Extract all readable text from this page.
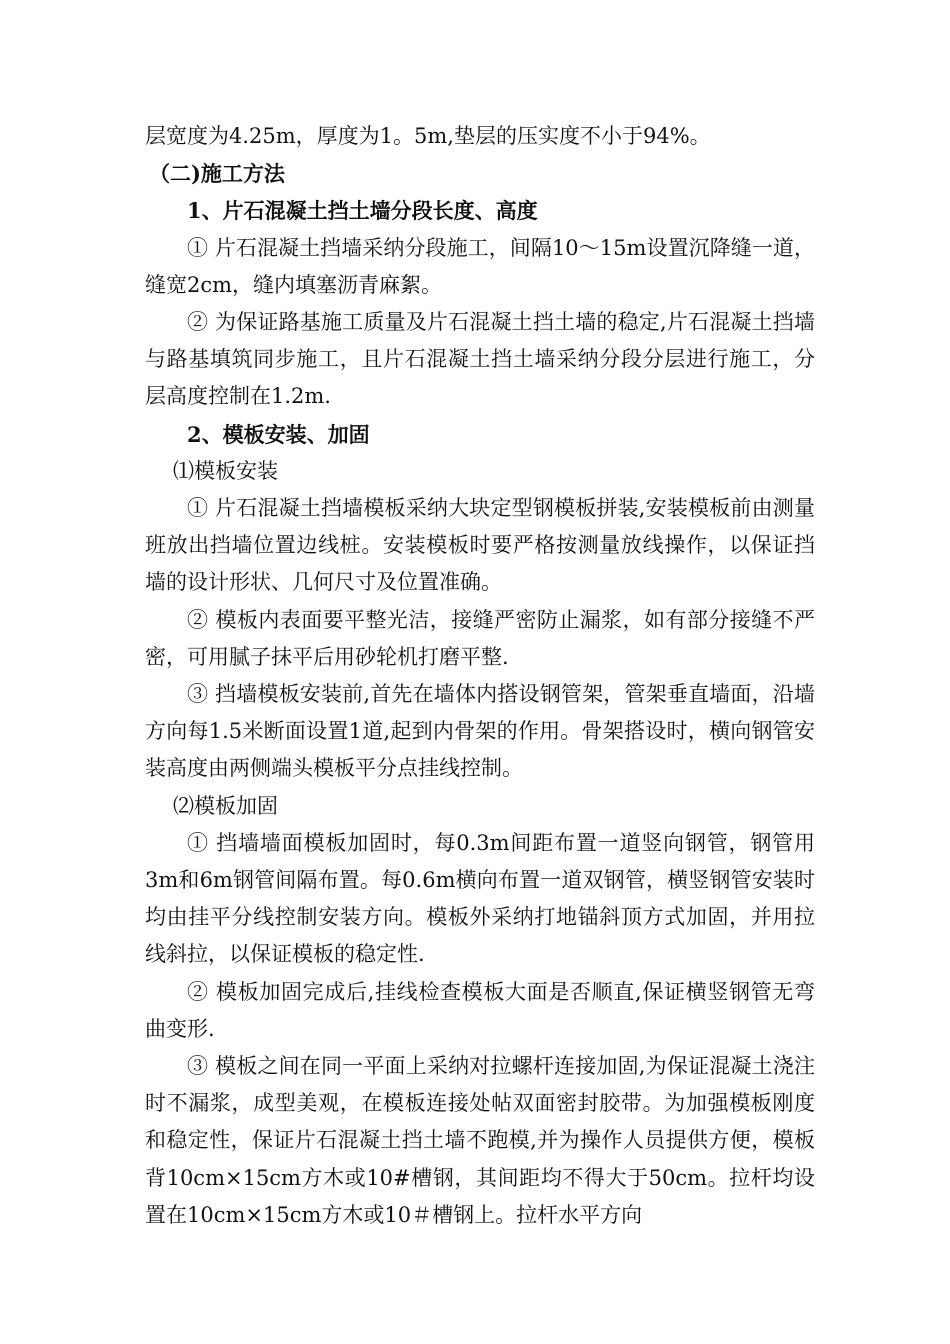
层宽度为4.25m，厚度为1。5m,垫层的压实度不小于94%。

（二)施工方法

1、片石混凝土挡土墙分段长度、高度

① 片石混凝土挡墙采纳分段施工，间隔10～15m设置沉降缝一道，缝宽2cm，缝内填塞沥青麻絮。

② 为保证路基施工质量及片石混凝土挡土墙的稳定,片石混凝土挡墙与路基填筑同步施工，且片石混凝土挡土墙采纳分段分层进行施工，分层高度控制在1.2m.

2、模板安装、加固

⑴模板安装

① 片石混凝土挡墙模板采纳大块定型钢模板拼装,安装模板前由测量班放出挡墙位置边线桩。安装模板时要严格按测量放线操作，以保证挡墙的设计形状、几何尺寸及位置准确。

② 模板内表面要平整光洁，接缝严密防止漏浆，如有部分接缝不严密，可用腻子抹平后用砂轮机打磨平整.

③ 挡墙模板安装前,首先在墙体内搭设钢管架，管架垂直墙面，沿墙方向每1.5米断面设置1道,起到内骨架的作用。骨架搭设时，横向钢管安装高度由两侧端头模板平分点挂线控制。

⑵模板加固

① 挡墙墙面模板加固时，每0.3m间距布置一道竖向钢管，钢管用3m和6m钢管间隔布置。每0.6m横向布置一道双钢管，横竖钢管安装时均由挂平分线控制安装方向。模板外采纳打地锚斜顶方式加固，并用拉线斜拉，以保证模板的稳定性.

② 模板加固完成后,挂线检查模板大面是否顺直,保证横竖钢管无弯曲变形.

③ 模板之间在同一平面上采纳对拉螺杆连接加固,为保证混凝土浇注时不漏浆，成型美观，在模板连接处帖双面密封胶带。为加强模板刚度和稳定性，保证片石混凝土挡土墙不跑模,并为操作人员提供方便，模板背10cm×15cm方木或10#槽钢，其间距均不得大于50cm。拉杆均设置在10cm×15cm方木或10＃槽钢上。拉杆水平方向
